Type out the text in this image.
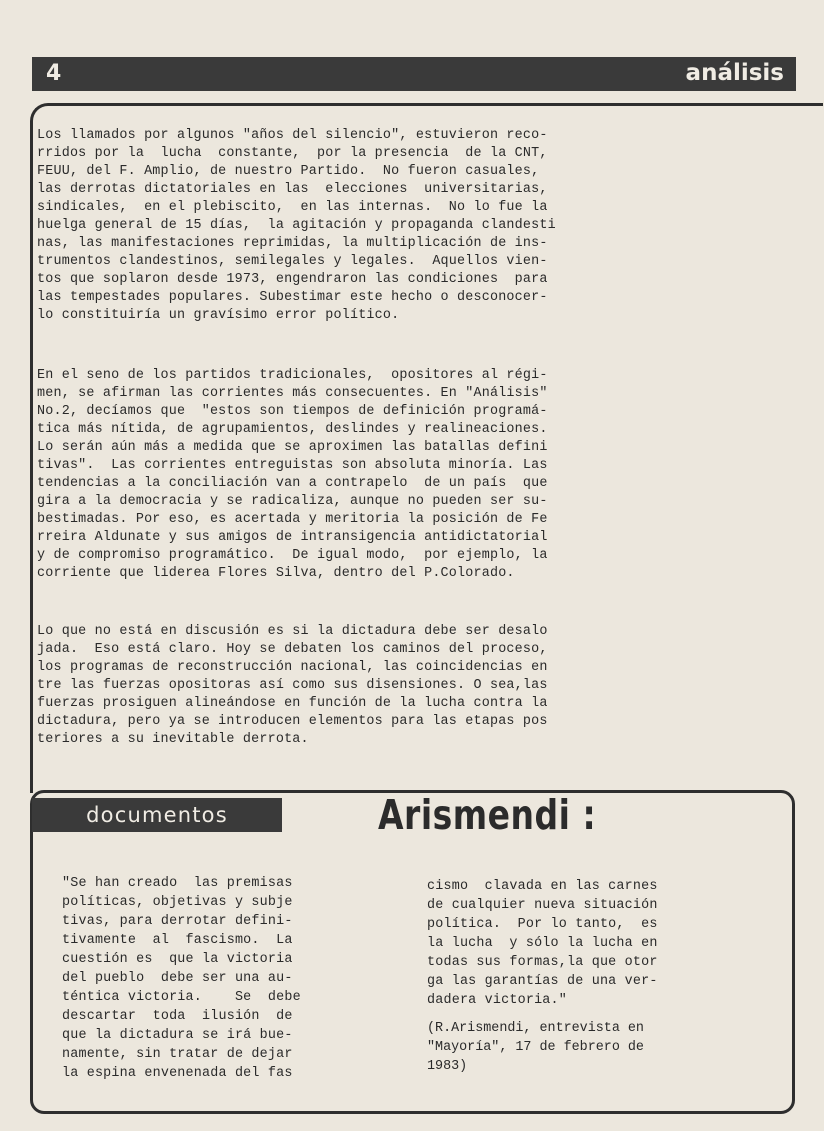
4	análisis

Los llamados por algunos "años del silencio", estuvieron reco-
rridos por la  lucha  constante,  por la presencia  de la CNT,
FEUU, del F. Amplio, de nuestro Partido.  No fueron casuales,
las derrotas dictatoriales en las  elecciones  universitarias,
sindicales,  en el plebiscito,  en las internas.  No lo fue la
huelga general de 15 días,  la agitación y propaganda clandesti
nas, las manifestaciones reprimidas, la multiplicación de ins-
trumentos clandestinos, semilegales y legales.  Aquellos vien-
tos que soplaron desde 1973, engendraron las condiciones  para
las tempestades populares. Subestimar este hecho o desconocer-
lo constituiría un gravísimo error político.

En el seno de los partidos tradicionales,  opositores al régi-
men, se afirman las corrientes más consecuentes. En "Análisis"
No.2, decíamos que  "estos son tiempos de definición programá-
tica más nítida, de agrupamientos, deslindes y realineaciones.
Lo serán aún más a medida que se aproximen las batallas defini
tivas".  Las corrientes entreguistas son absoluta minoría. Las
tendencias a la conciliación van a contrapelo  de un país  que
gira a la democracia y se radicaliza, aunque no pueden ser su-
bestimadas. Por eso, es acertada y meritoria la posición de Fe
rreira Aldunate y sus amigos de intransigencia antidictatorial
y de compromiso programático.  De igual modo,  por ejemplo, la
corriente que liderea Flores Silva, dentro del P.Colorado.

Lo que no está en discusión es si la dictadura debe ser desalo
jada.  Eso está claro. Hoy se debaten los caminos del proceso,
los programas de reconstrucción nacional, las coincidencias en
tre las fuerzas opositoras así como sus disensiones. O sea,las
fuerzas prosiguen alineándose en función de la lucha contra la
dictadura, pero ya se introducen elementos para las etapas pos
teriores a su inevitable derrota.

documentos	Arismendi :

"Se han creado  las premisas
políticas, objetivas y subje
tivas, para derrotar defini-
tivamente  al  fascismo.  La
cuestión es  que la victoria
del pueblo  debe ser una au-
téntica victoria.    Se  debe
descartar  toda  ilusión  de
que la dictadura se irá bue-
namente, sin tratar de dejar
la espina envenenada del fas

cismo  clavada en las carnes
de cualquier nueva situación
política.  Por lo tanto,  es
la lucha  y sólo la lucha en
todas sus formas,la que otor
ga las garantías de una ver-
dadera victoria."

(R.Arismendi, entrevista en
"Mayoría", 17 de febrero de
1983)
